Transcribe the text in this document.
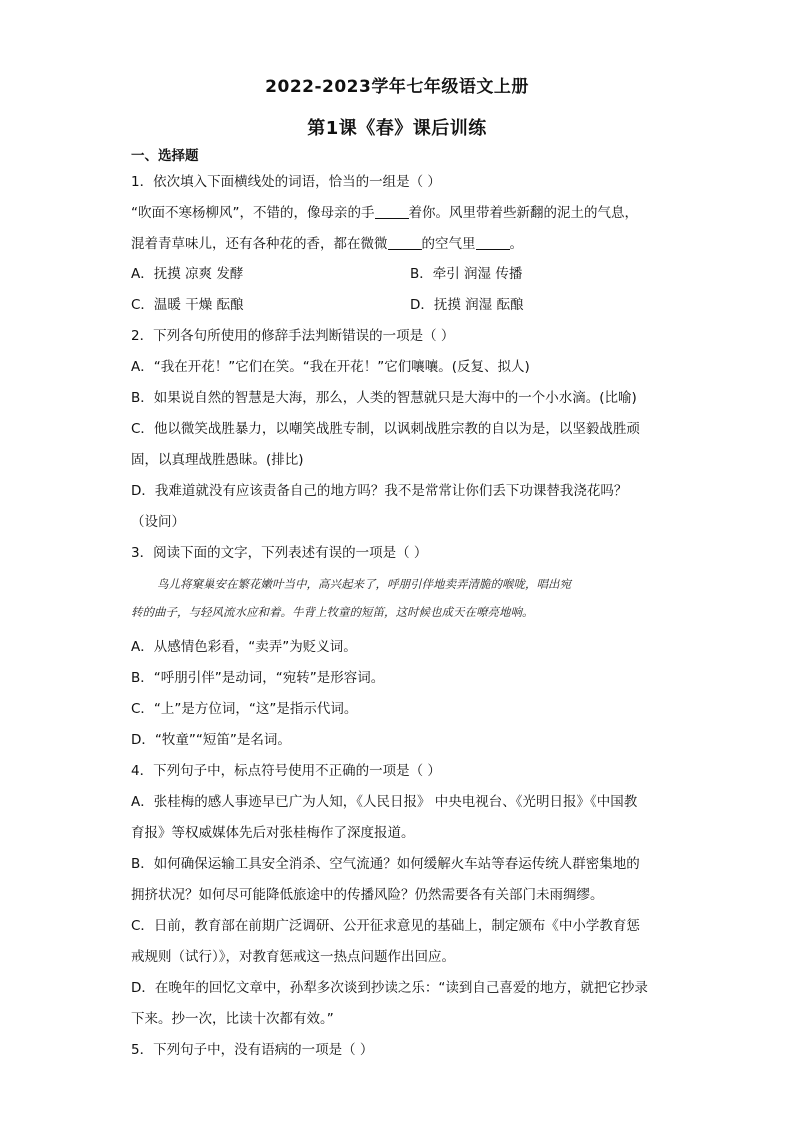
2022-2023学年七年级语文上册
第1课《春》课后训练
一、选择题
1．依次填入下面横线处的词语，恰当的一组是（ ）
“吹面不寒杨柳风”，不错的，像母亲的手	着你。风里带着些新翻的泥土的气息，
混着青草味儿，还有各种花的香，都在微微	的空气里	。
A．抚摸 凉爽 发酵	B．牵引 润湿 传播
C．温暖 干燥 酝酿	D．抚摸 润湿 酝酿
2．下列各句所使用的修辞手法判断错误的一项是（ ）
A．“我在开花！”它们在笑。“我在开花！”它们嚷嚷。(反复、拟人)
B．如果说自然的智慧是大海，那么，人类的智慧就只是大海中的一个小水滴。(比喻)
C．他以微笑战胜暴力，以嘲笑战胜专制，以讽刺战胜宗教的自以为是，以坚毅战胜顽
固，以真理战胜愚昧。(排比)
D．我难道就没有应该责备自己的地方吗？我不是常常让你们丢下功课替我浇花吗？
（设问）
3．阅读下面的文字，下列表述有误的一项是（ ）
鸟儿将窠巢安在繁花嫩叶当中，高兴起来了，呼朋引伴地卖弄清脆的喉咙，唱出宛
转的曲子，与轻风流水应和着。牛背上牧童的短笛，这时候也成天在嘹亮地响。
A．从感情色彩看，“卖弄”为贬义词。
B．“呼朋引伴”是动词，“宛转”是形容词。
C．“上”是方位词，“这”是指示代词。
D．“牧童”“短笛”是名词。
4．下列句子中，标点符号使用不正确的一项是（ ）
A．张桂梅的感人事迹早已广为人知，《人民日报》 中央电视台、《光明日报》《中国教
育报》等权威媒体先后对张桂梅作了深度报道。
B．如何确保运输工具安全消杀、空气流通？如何缓解火车站等春运传统人群密集地的
拥挤状况？如何尽可能降低旅途中的传播风险？仍然需要各有关部门未雨绸缪。
C．日前，教育部在前期广泛调研、公开征求意见的基础上，制定颁布《中小学教育惩
戒规则（试行）》，对教育惩戒这一热点问题作出回应。
D．在晚年的回忆文章中，孙犁多次谈到抄读之乐：“读到自己喜爱的地方，就把它抄录
下来。抄一次，比读十次都有效。”
5．下列句子中，没有语病的一项是（ ）
